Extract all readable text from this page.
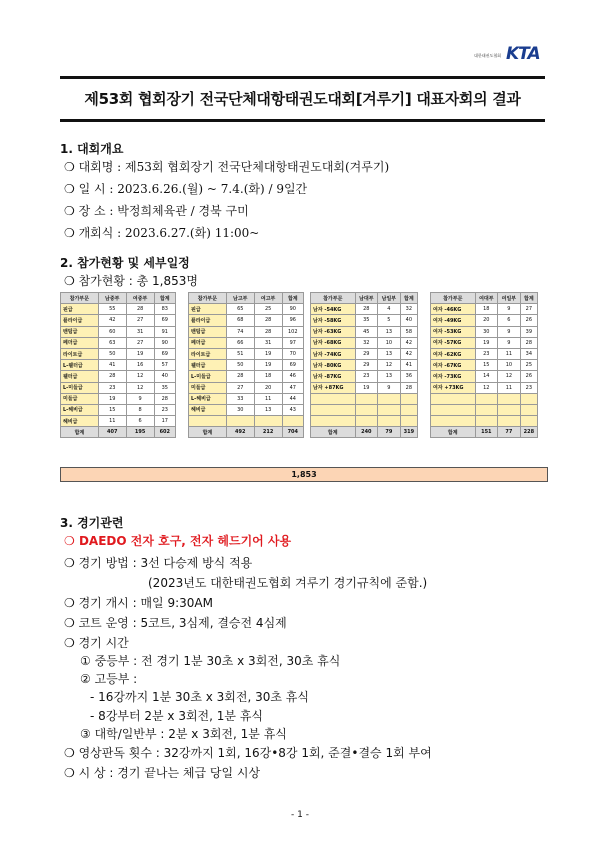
대한태권도협회 KTA
제53회 협회장기 전국단체대항태권도대회[겨루기] 대표자회의 결과
1. 대회개요
❍ 대회명 : 제53회 협회장기 전국단체대항태권도대회(겨루기)
❍ 일 시 : 2023.6.26.(월) ~ 7.4.(화) / 9일간
❍ 장 소 : 박정희체육관 / 경북 구미
❍ 개회식 : 2023.6.27.(화) 11:00~
2. 참가현황 및 세부일정
❍ 참가현황 : 총 1,853명
참가부문	남중부	여중부	합계
핀급	55	28	83
플라이급	42	27	69
밴텀급	60	31	91
페더급	63	27	90
라이트급	50	19	69
L-웰터급	41	16	57
웰터급	28	12	40
L-미들급	23	12	35
미들급	19	9	28
L-헤비급	15	8	23
헤비급	11	6	17
합계	407	195	602
참가부문	남고부	여고부	합계
핀급	65	25	90
플라이급	68	28	96
밴텀급	74	28	102
페더급	66	31	97
라이트급	51	19	70
웰터급	50	19	69
L-미들급	28	18	46
미들급	27	20	47
L-헤비급	33	11	44
헤비급	30	13	43

합계	492	212	704
참가부문	남대부	남일부	합계
남자 -54KG	28	4	32
남자 -58KG	35	5	40
남자 -63KG	45	13	58
남자 -68KG	32	10	42
남자 -74KG	29	13	42
남자 -80KG	29	12	41
남자 -87KG	23	13	36
남자 +87KG	19	9	28

합계	240	79	319
참가부문	여대부	여일부	합계
여자 -46KG	18	9	27
여자 -49KG	20	6	26
여자 -53KG	30	9	39
여자 -57KG	19	9	28
여자 -62KG	23	11	34
여자 -67KG	15	10	25
여자 -73KG	14	12	26
여자 +73KG	12	11	23

합계	151	77	228
1,853
3. 경기관련
❍ DAEDO 전자 호구, 전자 헤드기어 사용
❍ 경기 방법 : 3선 다승제 방식 적용
(2023년도 대한태권도협회 겨루기 경기규칙에 준함.)
❍ 경기 개시 : 매일 9:30AM
❍ 코트 운영 : 5코트, 3심제, 결승전 4심제
❍ 경기 시간
① 중등부 : 전 경기 1분 30초 x 3회전, 30초 휴식
② 고등부 :
- 16강까지 1분 30초 x 3회전, 30초 휴식
- 8강부터 2분 x 3회전, 1분 휴식
③ 대학/일반부 : 2분 x 3회전, 1분 휴식
❍ 영상판독 횟수 : 32강까지 1회, 16강•8강 1회, 준결•결승 1회 부여
❍ 시 상 : 경기 끝나는 체급 당일 시상
- 1 -
